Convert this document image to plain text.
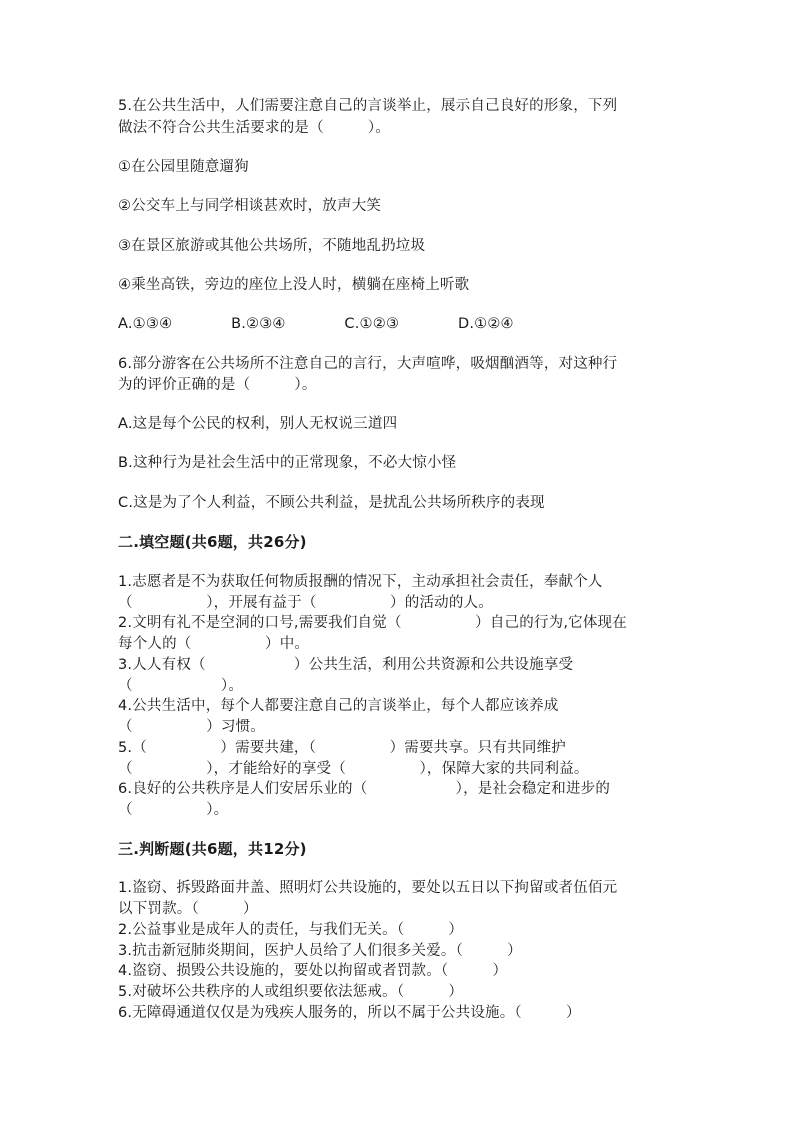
5.在公共生活中，人们需要注意自己的言谈举止，展示自己良好的形象，下列
做法不符合公共生活要求的是（　　　）。
①在公园里随意遛狗
②公交车上与同学相谈甚欢时，放声大笑
③在景区旅游或其他公共场所，不随地乱扔垃圾
④乘坐高铁，旁边的座位上没人时，横躺在座椅上听歌
A.①③④　　　　B.②③④　　　　C.①②③　　　　D.①②④
6.部分游客在公共场所不注意自己的言行，大声喧哗，吸烟酗酒等，对这种行
为的评价正确的是（　　　）。
A.这是每个公民的权利，别人无权说三道四
B.这种行为是社会生活中的正常现象，不必大惊小怪
C.这是为了个人利益，不顾公共利益，是扰乱公共场所秩序的表现
二.填空题(共6题，共26分)
1.志愿者是不为获取任何物质报酬的情况下，主动承担社会责任，奉献个人
（　　　　　），开展有益于（　　　　　）的活动的人。
2.文明有礼不是空洞的口号,需要我们自觉（　　　　　）自己的行为,它体现在
每个人的（　　　　　）中。
3.人人有权（　　　　　　）公共生活，利用公共资源和公共设施享受
（　　　　　　）。
4.公共生活中，每个人都要注意自己的言谈举止，每个人都应该养成
（　　　　　）习惯。
5.（　　　　　）需要共建，（　　　　　）需要共享。只有共同维护
（　　　　　），才能给好的享受（　　　　　），保障大家的共同利益。
6.良好的公共秩序是人们安居乐业的（　　　　　　），是社会稳定和进步的
（　　　　　）。
三.判断题(共6题，共12分)
1.盗窃、拆毁路面井盖、照明灯公共设施的，要处以五日以下拘留或者伍佰元
以下罚款。（　　　）
2.公益事业是成年人的责任，与我们无关。（　　　）
3.抗击新冠肺炎期间，医护人员给了人们很多关爱。（　　　）
4.盗窃、损毁公共设施的，要处以拘留或者罚款。（　　　）
5.对破坏公共秩序的人或组织要依法惩戒。（　　　）
6.无障碍通道仅仅是为残疾人服务的，所以不属于公共设施。（　　　）
